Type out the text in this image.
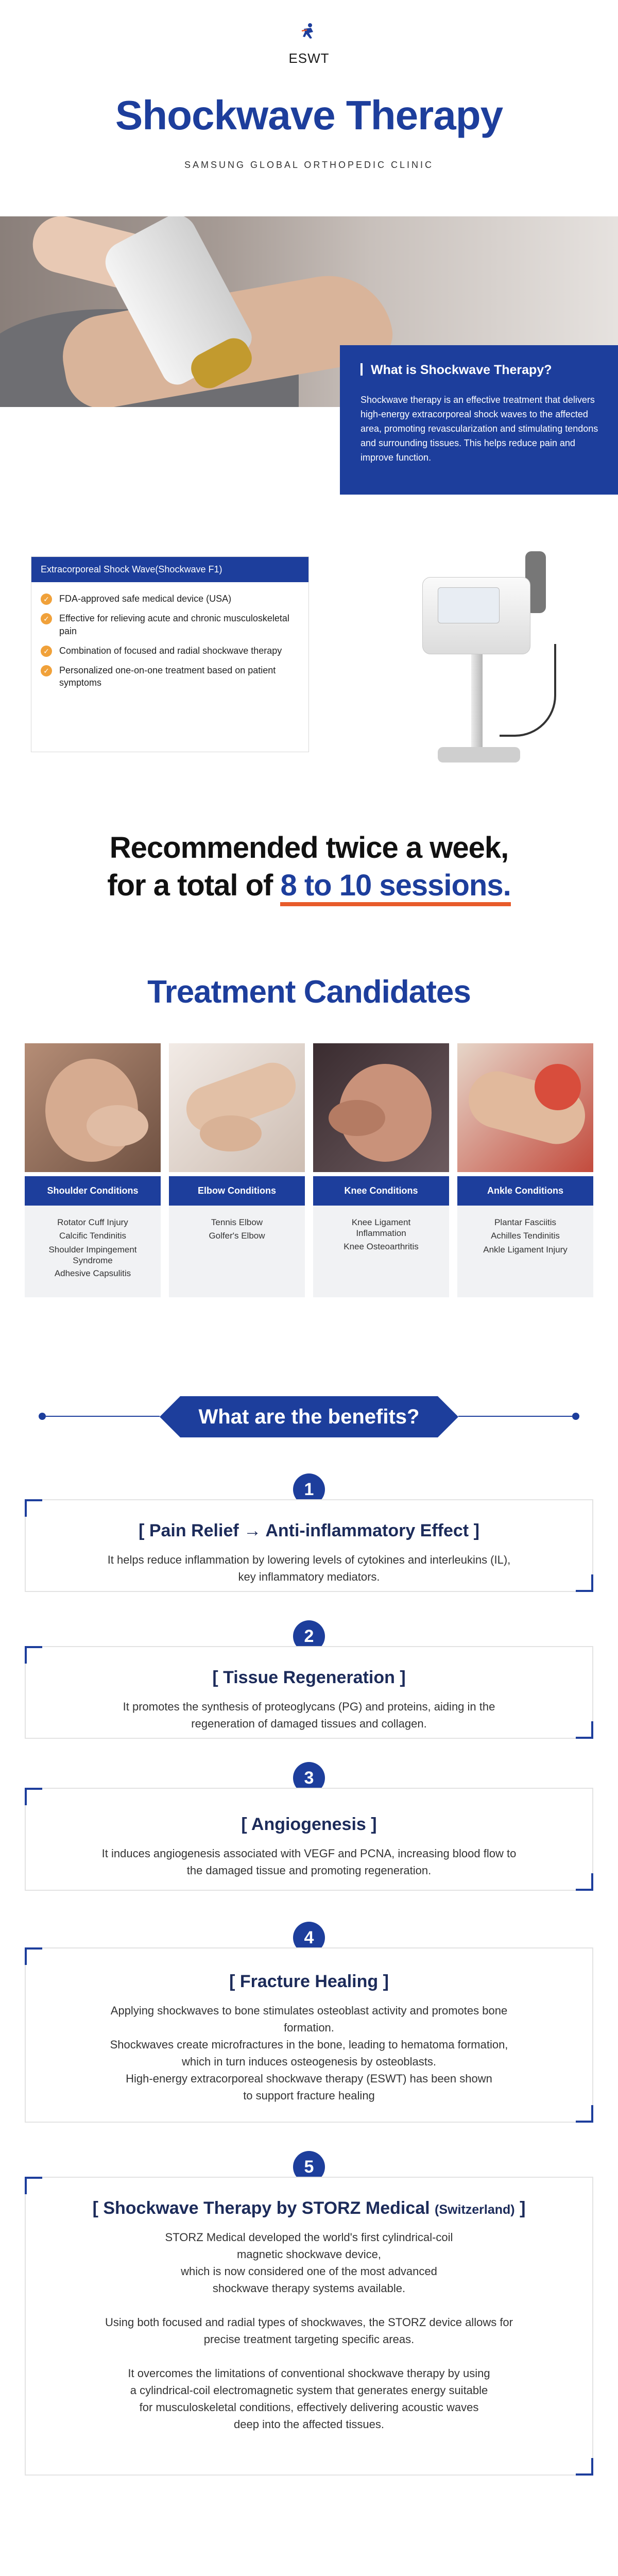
ESWT
Shockwave Therapy
SAMSUNG GLOBAL ORTHOPEDIC CLINIC
What is Shockwave Therapy?

Shockwave therapy is an effective treatment that delivers high-energy extracorporeal shock waves to the affected area, promoting revascularization and stimulating tendons and surrounding tissues. This helps reduce pain and improve function.

Extracorporeal Shock Wave(Shockwave F1)
✓ FDA-approved safe medical device (USA)
✓ Effective for relieving acute and chronic musculoskeletal pain
✓ Combination of focused and radial shockwave therapy
✓ Personalized one-on-one treatment based on patient symptoms
Recommended twice a week,
for a total of 8 to 10 sessions.
Treatment Candidates
Shoulder Conditions
Rotator Cuff Injury
Calcific Tendinitis
Shoulder Impingement Syndrome
Adhesive Capsulitis
Elbow Conditions
Tennis Elbow
Golfer's Elbow
Knee Conditions
Knee Ligament Inflammation
Knee Osteoarthritis
Ankle Conditions
Plantar Fasciitis
Achilles Tendinitis
Ankle Ligament Injury
What are the benefits?
1
[ Pain Relief → Anti-inflammatory Effect ]

It helps reduce inflammation by lowering levels of cytokines and interleukins (IL),

key inflammatory mediators.

2
[ Tissue Regeneration ]

It promotes the synthesis of proteoglycans (PG) and proteins, aiding in the

regeneration of damaged tissues and collagen.

3
[ Angiogenesis ]

It induces angiogenesis associated with VEGF and PCNA, increasing blood flow to

the damaged tissue and promoting regeneration.

4
[ Fracture Healing ]

Applying shockwaves to bone stimulates osteoblast activity and promotes bone

formation.

Shockwaves create microfractures in the bone, leading to hematoma formation,

which in turn induces osteogenesis by osteoblasts.

High-energy extracorporeal shockwave therapy (ESWT) has been shown

to support fracture healing

5
[ Shockwave Therapy by STORZ Medical (Switzerland) ]

STORZ Medical developed the world's first cylindrical-coil

magnetic shockwave device,

which is now considered one of the most advanced

shockwave therapy systems available.

Using both focused and radial types of shockwaves, the STORZ device allows for

precise treatment targeting specific areas.

It overcomes the limitations of conventional shockwave therapy by using

a cylindrical-coil electromagnetic system that generates energy suitable

for musculoskeletal conditions, effectively delivering acoustic waves

deep into the affected tissues.
